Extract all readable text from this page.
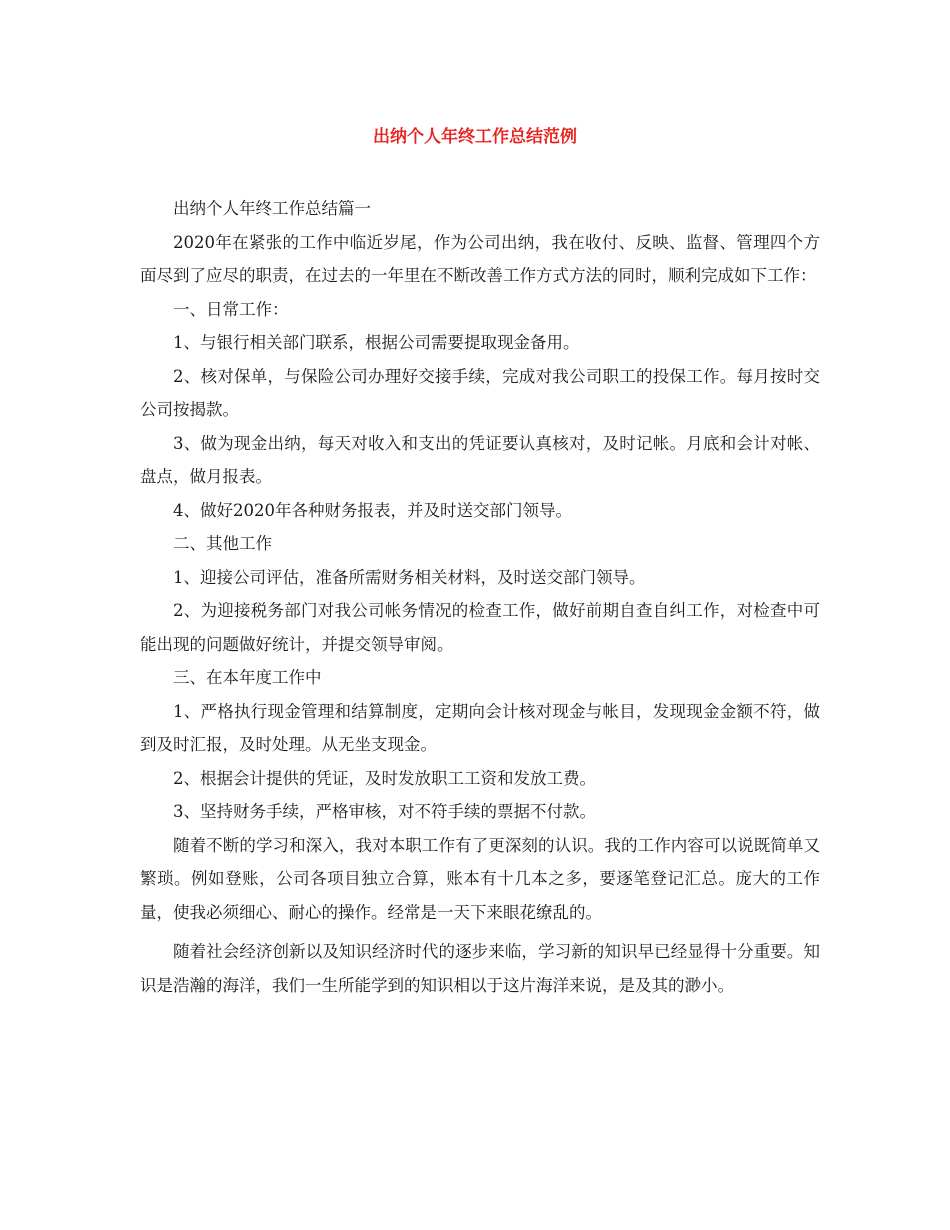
出纳个人年终工作总结范例

出纳个人年终工作总结篇一

2020年在紧张的工作中临近岁尾，作为公司出纳，我在收付、反映、监督、管理四个方面尽到了应尽的职责，在过去的一年里在不断改善工作方式方法的同时，顺利完成如下工作：

一、日常工作：

1、与银行相关部门联系，根据公司需要提取现金备用。

2、核对保单，与保险公司办理好交接手续，完成对我公司职工的投保工作。每月按时交公司按揭款。

3、做为现金出纳，每天对收入和支出的凭证要认真核对，及时记帐。月底和会计对帐、盘点，做月报表。

4、做好2020年各种财务报表，并及时送交部门领导。

二、其他工作

1、迎接公司评估，准备所需财务相关材料，及时送交部门领导。

2、为迎接税务部门对我公司帐务情况的检查工作，做好前期自查自纠工作，对检查中可能出现的问题做好统计，并提交领导审阅。

三、在本年度工作中

1、严格执行现金管理和结算制度，定期向会计核对现金与帐目，发现现金金额不符，做到及时汇报，及时处理。从无坐支现金。

2、根据会计提供的凭证，及时发放职工工资和发放工费。

3、坚持财务手续，严格审核，对不符手续的票据不付款。

随着不断的学习和深入，我对本职工作有了更深刻的认识。我的工作内容可以说既简单又繁琐。例如登账，公司各项目独立合算，账本有十几本之多，要逐笔登记汇总。庞大的工作量，使我必须细心、耐心的操作。经常是一天下来眼花缭乱的。

随着社会经济创新以及知识经济时代的逐步来临，学习新的知识早已经显得十分重要。知识是浩瀚的海洋，我们一生所能学到的知识相以于这片海洋来说，是及其的渺小。
